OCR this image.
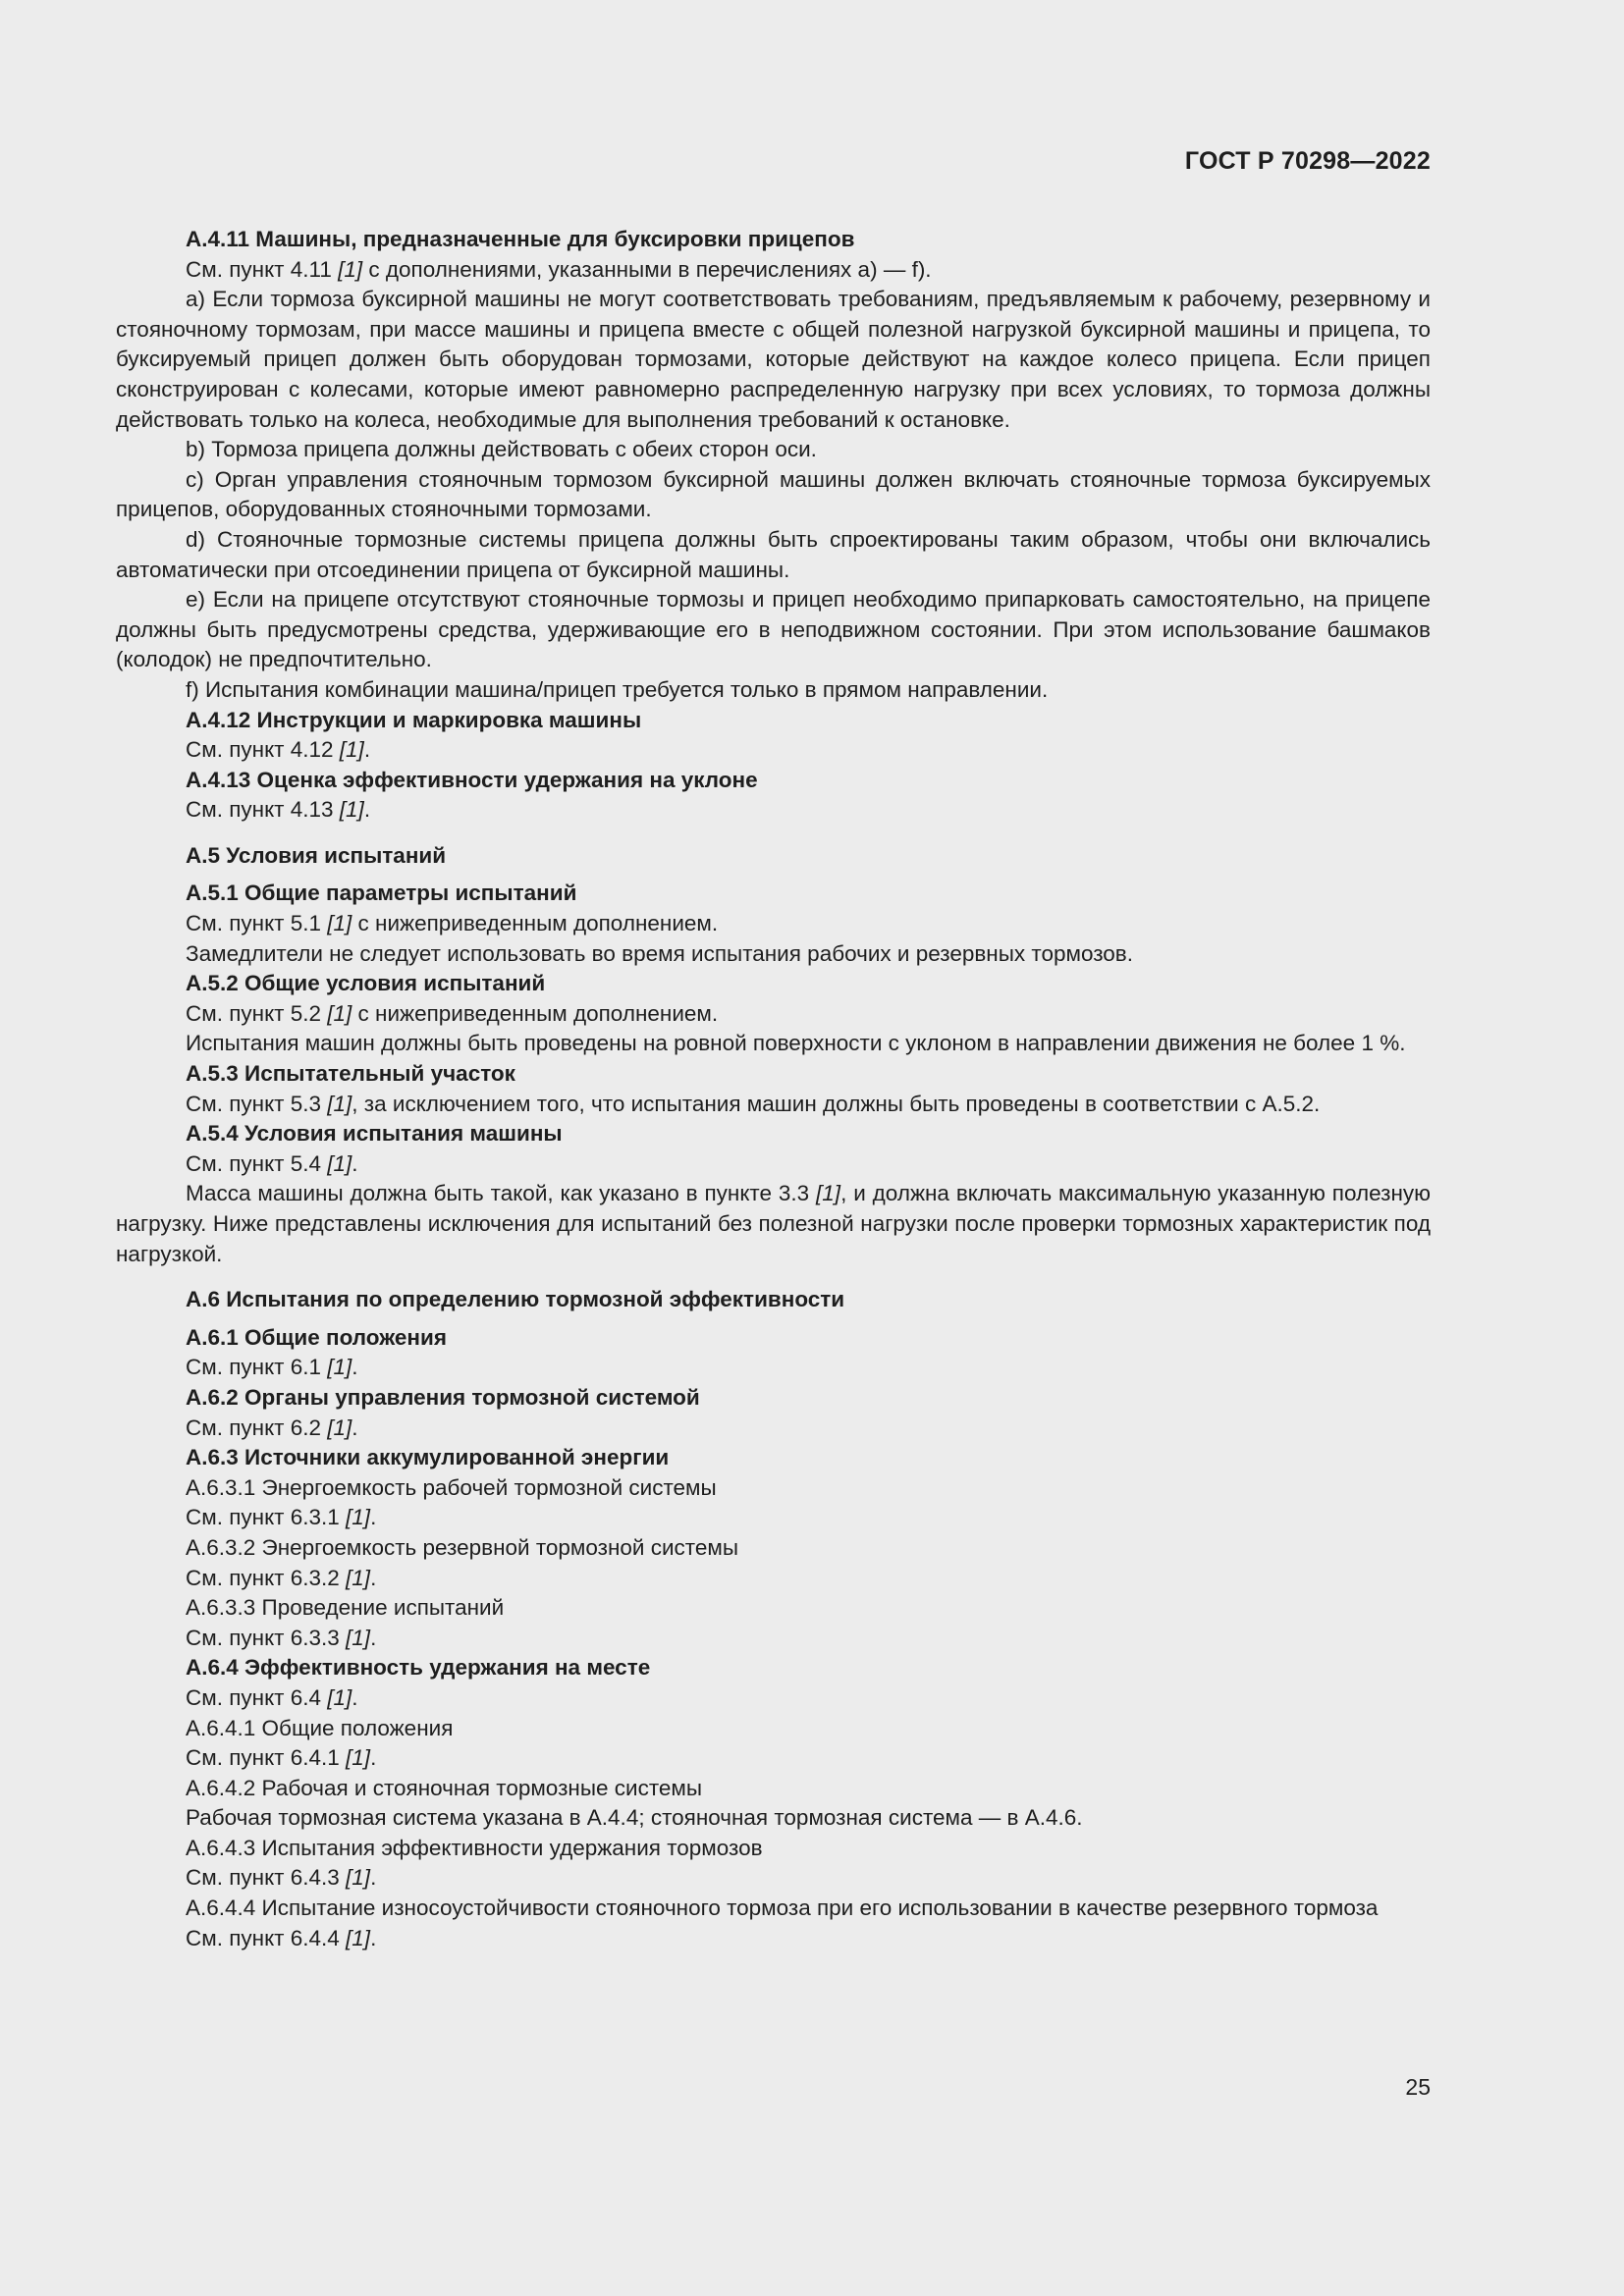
ГОСТ Р 70298—2022

A.4.11 Машины, предназначенные для буксировки прицепов

См. пункт 4.11 [1] с дополнениями, указанными в перечислениях а) — f).

а) Если тормоза буксирной машины не могут соответствовать требованиям, предъявляемым к рабочему, резервному и стояночному тормозам, при массе машины и прицепа вместе с общей полезной нагрузкой буксирной машины и прицепа, то буксируемый прицеп должен быть оборудован тормозами, которые действуют на каждое колесо прицепа. Если прицеп сконструирован с колесами, которые имеют равномерно распределенную нагрузку при всех условиях, то тормоза должны действовать только на колеса, необходимые для выполнения требований к остановке.

b) Тормоза прицепа должны действовать с обеих сторон оси.

с) Орган управления стояночным тормозом буксирной машины должен включать стояночные тормоза буксируемых прицепов, оборудованных стояночными тормозами.

d) Стояночные тормозные системы прицепа должны быть спроектированы таким образом, чтобы они включались автоматически при отсоединении прицепа от буксирной машины.

е) Если на прицепе отсутствуют стояночные тормозы и прицеп необходимо припарковать самостоятельно, на прицепе должны быть предусмотрены средства, удерживающие его в неподвижном состоянии. При этом использование башмаков (колодок) не предпочтительно.

f) Испытания комбинации машина/прицеп требуется только в прямом направлении.

A.4.12 Инструкции и маркировка машины

См. пункт 4.12 [1].

A.4.13 Оценка эффективности удержания на уклоне

См. пункт 4.13 [1].

A.5 Условия испытаний

A.5.1 Общие параметры испытаний

См. пункт 5.1 [1] с нижеприведенным дополнением.

Замедлители не следует использовать во время испытания рабочих и резервных тормозов.

A.5.2 Общие условия испытаний

См. пункт 5.2 [1] с нижеприведенным дополнением.

Испытания машин должны быть проведены на ровной поверхности с уклоном в направлении движения не более 1 %.

A.5.3 Испытательный участок

См. пункт 5.3 [1], за исключением того, что испытания машин должны быть проведены в соответствии с А.5.2.

A.5.4 Условия испытания машины

См. пункт 5.4 [1].

Масса машины должна быть такой, как указано в пункте 3.3 [1], и должна включать максимальную указанную полезную нагрузку. Ниже представлены исключения для испытаний без полезной нагрузки после проверки тормозных характеристик под нагрузкой.

A.6 Испытания по определению тормозной эффективности

A.6.1 Общие положения

См. пункт 6.1 [1].

A.6.2 Органы управления тормозной системой

См. пункт 6.2 [1].

A.6.3 Источники аккумулированной энергии

А.6.3.1 Энергоемкость рабочей тормозной системы

См. пункт 6.3.1 [1].

А.6.3.2 Энергоемкость резервной тормозной системы

См. пункт 6.3.2 [1].

А.6.3.3 Проведение испытаний

См. пункт 6.3.3 [1].

A.6.4 Эффективность удержания на месте

См. пункт 6.4 [1].

А.6.4.1 Общие положения

См. пункт 6.4.1 [1].

А.6.4.2 Рабочая и стояночная тормозные системы

Рабочая тормозная система указана в А.4.4; стояночная тормозная система — в А.4.6.

А.6.4.3 Испытания эффективности удержания тормозов

См. пункт 6.4.3 [1].

А.6.4.4 Испытание износоустойчивости стояночного тормоза при его использовании в качестве резервного тормоза

См. пункт 6.4.4 [1].

25
